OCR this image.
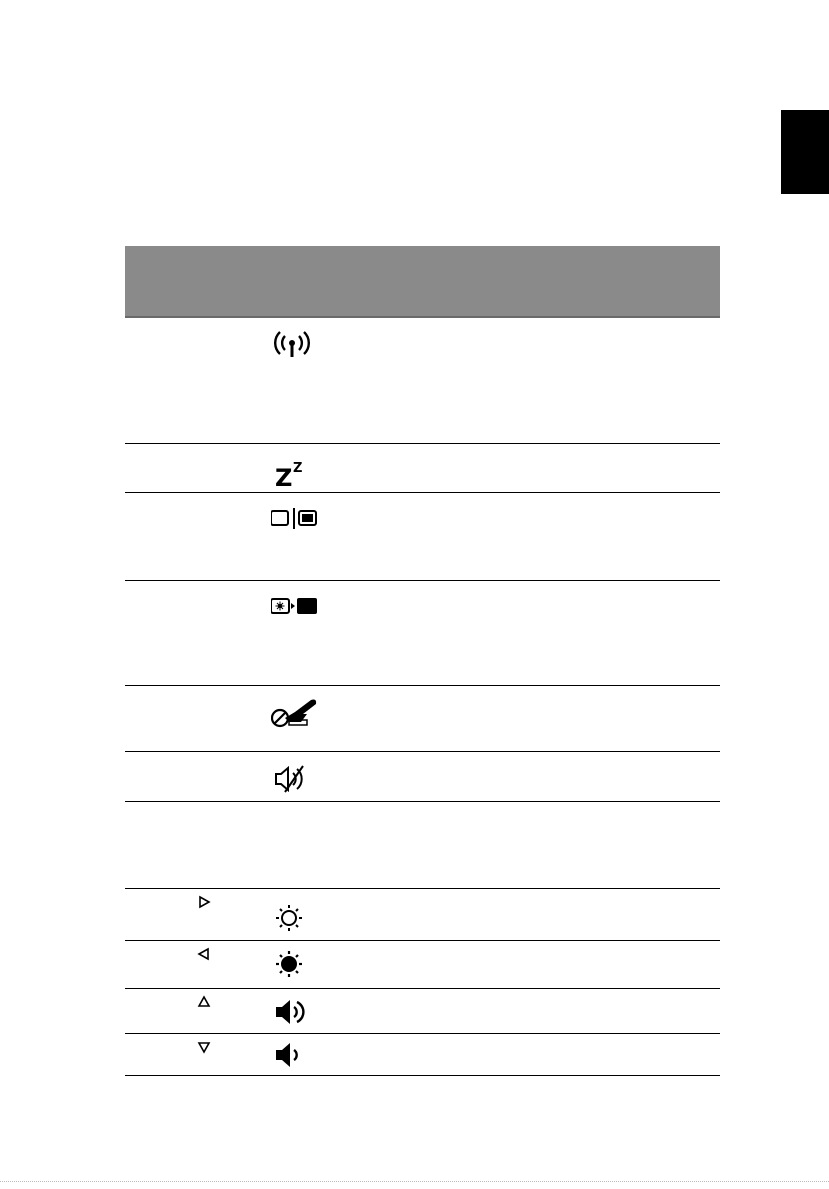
Z Z
